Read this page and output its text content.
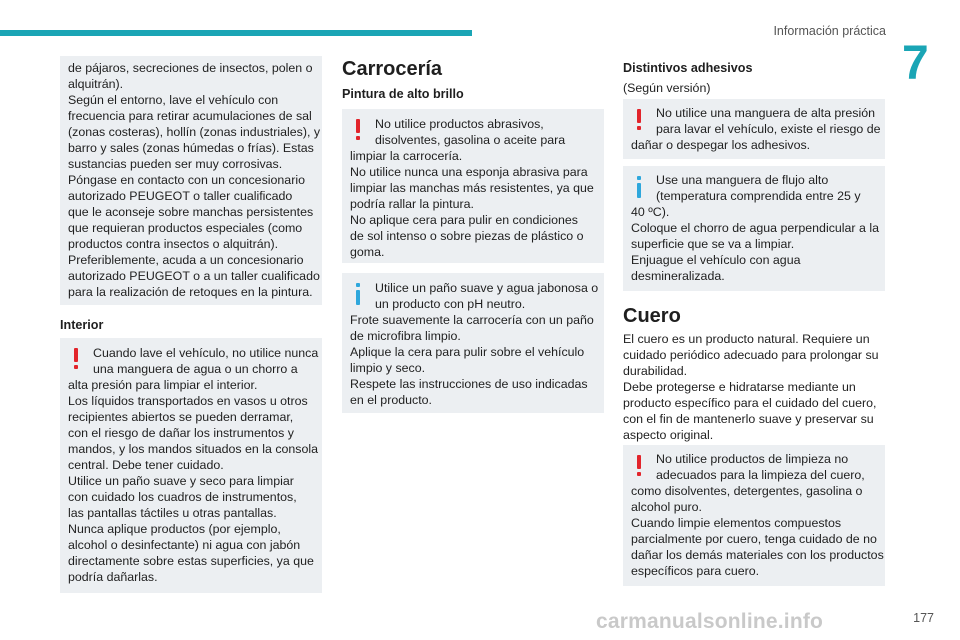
Información práctica
7
de pájaros, secreciones de insectos, polen o
alquitrán).
Según el entorno, lave el vehículo con
frecuencia para retirar acumulaciones de sal
(zonas costeras), hollín (zonas industriales), y
barro y sales (zonas húmedas o frías). Estas
sustancias pueden ser muy corrosivas.
Póngase en contacto con un concesionario
autorizado PEUGEOT o taller cualificado
que le aconseje sobre manchas persistentes
que requieran productos especiales (como
productos contra insectos o alquitrán).
Preferiblemente, acuda a un concesionario
autorizado PEUGEOT o a un taller cualificado
para la realización de retoques en la pintura.
Interior
Cuando lave el vehículo, no utilice nunca
una manguera de agua o un chorro a
alta presión para limpiar el interior.
Los líquidos transportados en vasos u otros
recipientes abiertos se pueden derramar,
con el riesgo de dañar los instrumentos y
mandos, y los mandos situados en la consola
central. Debe tener cuidado.
Utilice un paño suave y seco para limpiar
con cuidado los cuadros de instrumentos,
las pantallas táctiles u otras pantallas.
Nunca aplique productos (por ejemplo,
alcohol o desinfectante) ni agua con jabón
directamente sobre estas superficies, ya que
podría dañarlas.
Carrocería
Pintura de alto brillo
No utilice productos abrasivos,
disolventes, gasolina o aceite para
limpiar la carrocería.
No utilice nunca una esponja abrasiva para
limpiar las manchas más resistentes, ya que
podría rallar la pintura.
No aplique cera para pulir en condiciones
de sol intenso o sobre piezas de plástico o
goma.
Utilice un paño suave y agua jabonosa o
un producto con pH neutro.
Frote suavemente la carrocería con un paño
de microfibra limpio.
Aplique la cera para pulir sobre el vehículo
limpio y seco.
Respete las instrucciones de uso indicadas
en el producto.
Distintivos adhesivos
(Según versión)
No utilice una manguera de alta presión
para lavar el vehículo, existe el riesgo de
dañar o despegar los adhesivos.
Use una manguera de flujo alto
(temperatura comprendida entre 25 y
40 ºC).
Coloque el chorro de agua perpendicular a la
superficie que se va a limpiar.
Enjuague el vehículo con agua
desmineralizada.
Cuero
El cuero es un producto natural. Requiere un
cuidado periódico adecuado para prolongar su
durabilidad.
Debe protegerse e hidratarse mediante un
producto específico para el cuidado del cuero,
con el fin de mantenerlo suave y preservar su
aspecto original.
No utilice productos de limpieza no
adecuados para la limpieza del cuero,
como disolventes, detergentes, gasolina o
alcohol puro.
Cuando limpie elementos compuestos
parcialmente por cuero, tenga cuidado de no
dañar los demás materiales con los productos
específicos para cuero.
carmanualsonline.info	177
